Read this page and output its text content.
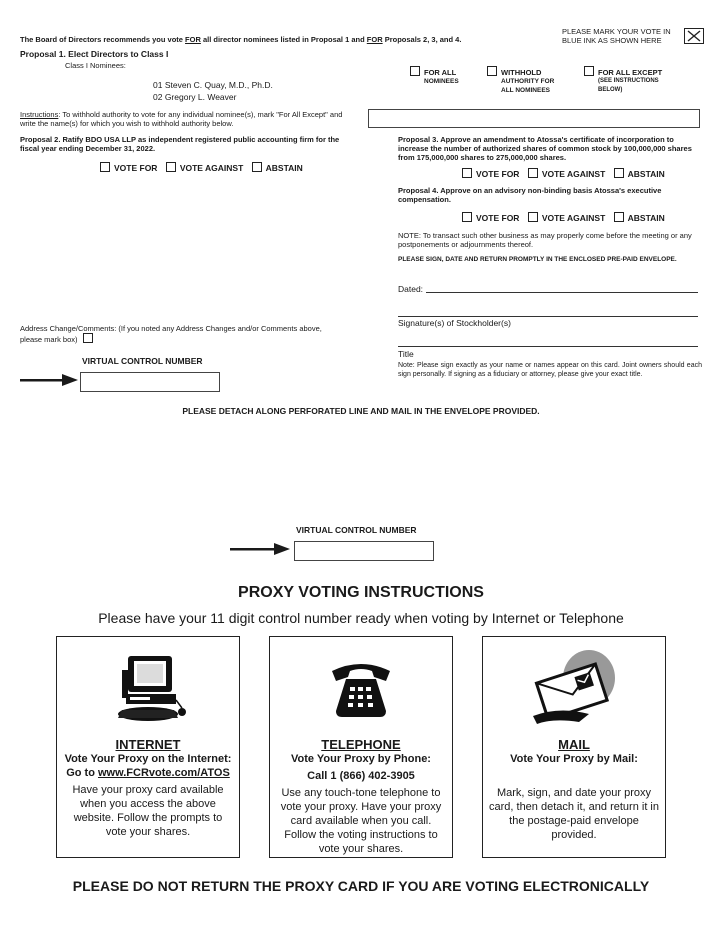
The Board of Directors recommends you vote FOR all director nominees listed in Proposal 1 and FOR Proposals 2, 3, and 4.
PLEASE MARK YOUR VOTE IN
BLUE INK AS SHOWN HERE
Proposal 1. Elect Directors to Class I
Class I Nominees:
01 Steven C. Quay, M.D., Ph.D.
02 Gregory L. Weaver
FOR ALL
NOMINEES
WITHHOLD
AUTHORITY FOR
ALL NOMINEES
FOR ALL EXCEPT
(SEE INSTRUCTIONS
BELOW)
Instructions: To withhold authority to vote for any individual nominee(s), mark "For All Except" and write the name(s) for which you wish to withhold authority below.
Proposal 2. Ratify BDO USA LLP as independent registered public accounting firm for the fiscal year ending December 31, 2022.
VOTE FOR	VOTE AGAINST	ABSTAIN
Proposal 3. Approve an amendment to Atossa's certificate of incorporation to increase the number of authorized shares of common stock by 100,000,000 shares from 175,000,000 shares to 275,000,000 shares.
VOTE FOR	VOTE AGAINST	ABSTAIN
Proposal 4. Approve on an advisory non-binding basis Atossa's executive compensation.
VOTE FOR	VOTE AGAINST	ABSTAIN
NOTE: To transact such other business as may properly come before the meeting or any postponements or adjournments thereof.
PLEASE SIGN, DATE AND RETURN PROMPTLY IN THE ENCLOSED PRE-PAID ENVELOPE.
Dated:
Signature(s) of Stockholder(s)
Title
Note: Please sign exactly as your name or names appear on this card. Joint owners should each sign personally. If signing as a fiduciary or attorney, please give your exact title.
Address Change/Comments: (If you noted any Address Changes and/or Comments above, please mark box)
VIRTUAL CONTROL NUMBER
PLEASE DETACH ALONG PERFORATED LINE AND MAIL IN THE ENVELOPE PROVIDED.
VIRTUAL CONTROL NUMBER
PROXY VOTING INSTRUCTIONS
Please have your 11 digit control number ready when voting by Internet or Telephone
INTERNET
Vote Your Proxy on the Internet:
Go to www.FCRvote.com/ATOS
Have your proxy card available when you access the above website. Follow the prompts to vote your shares.
TELEPHONE
Vote Your Proxy by Phone:
Call 1 (866) 402-3905
Use any touch-tone telephone to vote your proxy. Have your proxy card available when you call. Follow the voting instructions to vote your shares.
MAIL
Vote Your Proxy by Mail:
Mark, sign, and date your proxy card, then detach it, and return it in the postage-paid envelope provided.
PLEASE DO NOT RETURN THE PROXY CARD IF YOU ARE VOTING ELECTRONICALLY
